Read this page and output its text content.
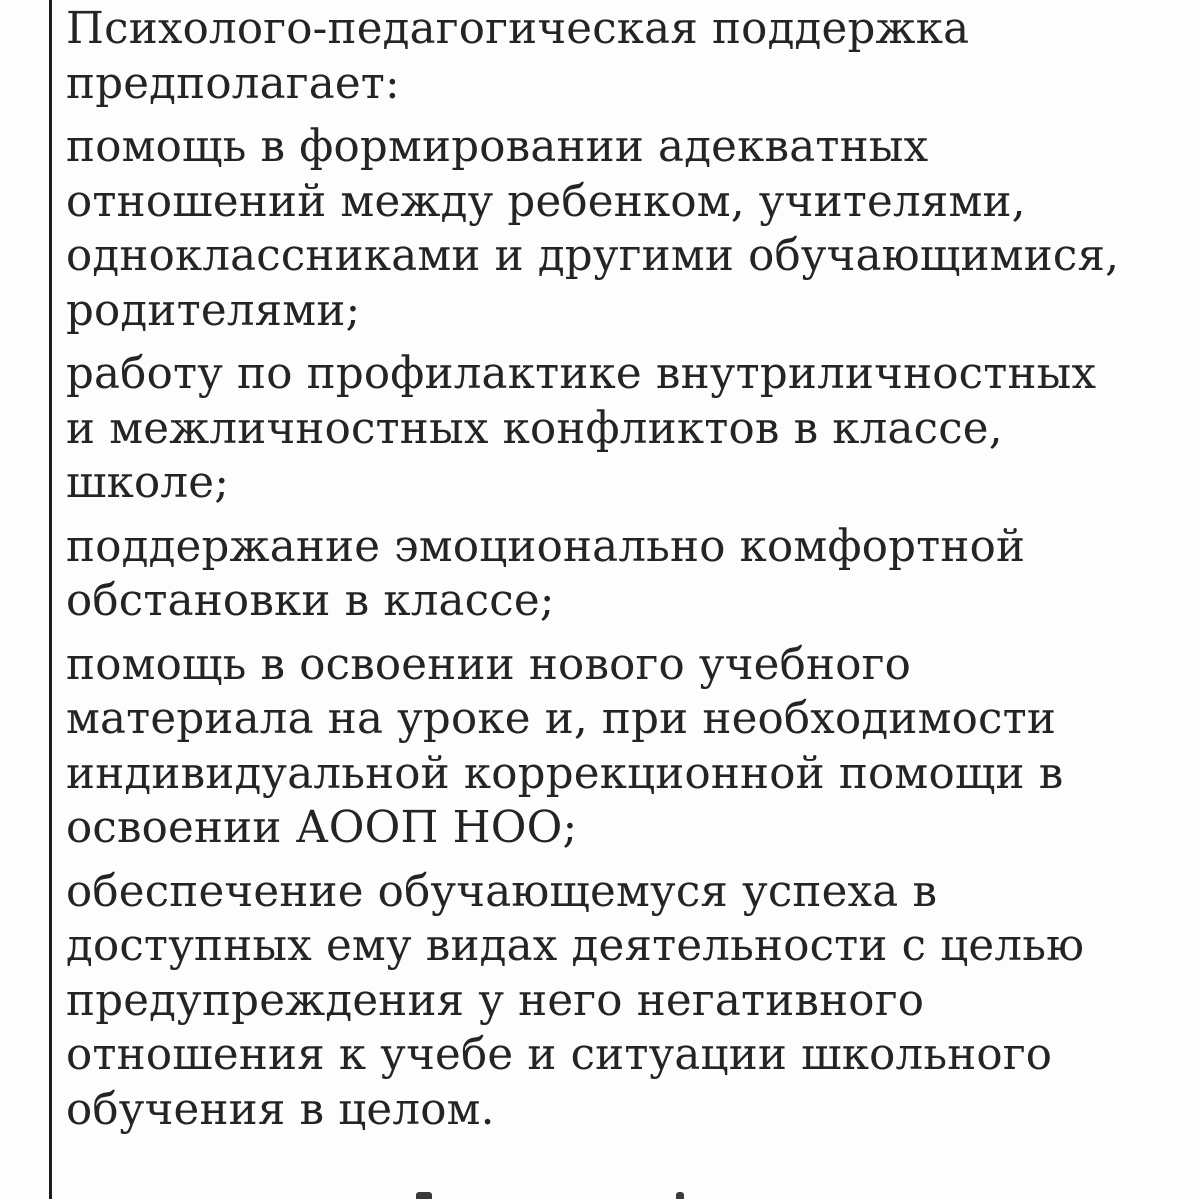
Психолого-педагогическая поддержка
предполагает:

помощь в формировании адекватных
отношений между ребенком, учителями,
одноклассниками и другими обучающимися,
родителями;

работу по профилактике внутриличностных
и межличностных конфликтов в классе,
школе;

поддержание эмоционально комфортной
обстановки в классе;

помощь в освоении нового учебного
материала на уроке и, при необходимости
индивидуальной коррекционной помощи в
освоении АООП НОО;

обеспечение обучающемуся успеха в
доступных ему видах деятельности с целью
предупреждения у него негативного
отношения к учебе и ситуации школьного
обучения в целом.
